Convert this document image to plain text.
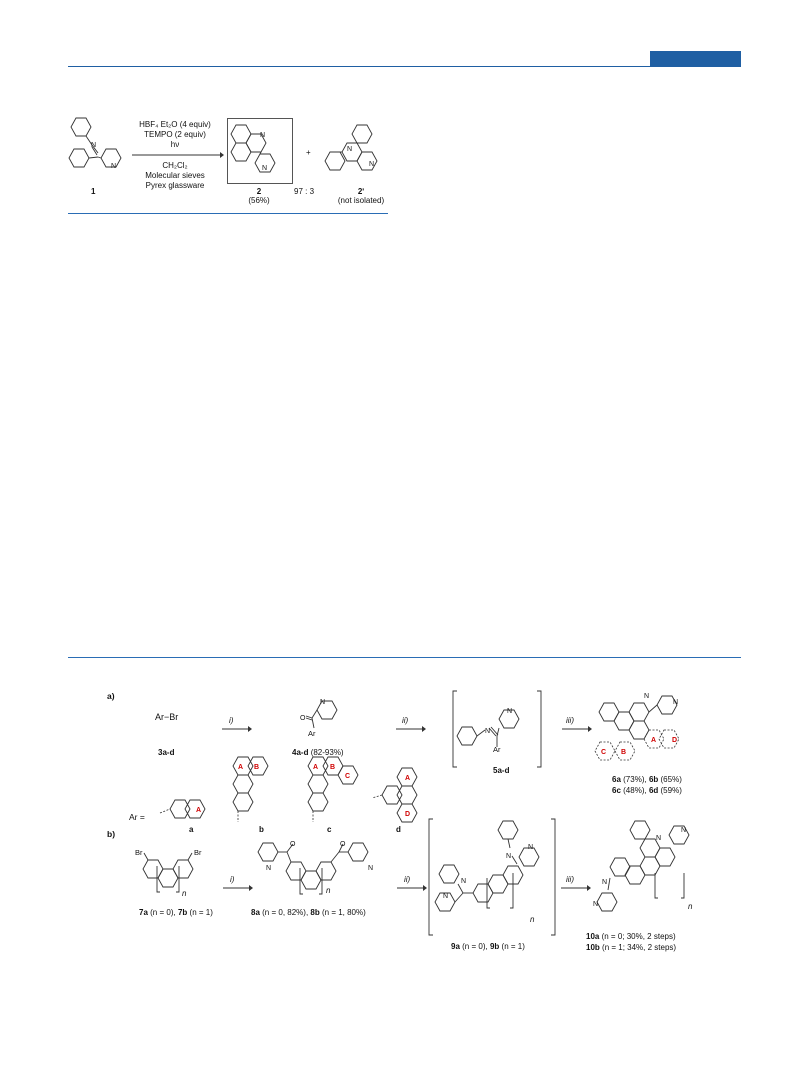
N
N
1
HBF₄ Et₂O (4 equiv)
TEMPO (2 equiv)
hν
CH₂Cl₂
Molecular sieves
Pyrex glassware
N
N
2
(56%)
+
97 : 3
N
N
2ʹ
(not isolated)
a)
Ar−Br
3a-d
i)	O
N
Ar
4a-d (82-93%)
ii)
N
N
Ar
5a-d
iii)
A
B
C
D
N
N
6a (73%), 6b (65%)
6c (48%), 6d (59%)
Ar =
A
a
A B
b
A B
C
c
A
D
d
b)
Br	Br
n
7a (n = 0), 7b (n = 1)
i)
O	O
N	N
n
8a (n = 0, 82%), 8b (n = 1, 80%)
ii)
N
N
N
N
n
9a (n = 0), 9b (n = 1)
iii)
N
N
N
N	n
10a (n = 0; 30%, 2 steps)
10b (n = 1; 34%, 2 steps)
